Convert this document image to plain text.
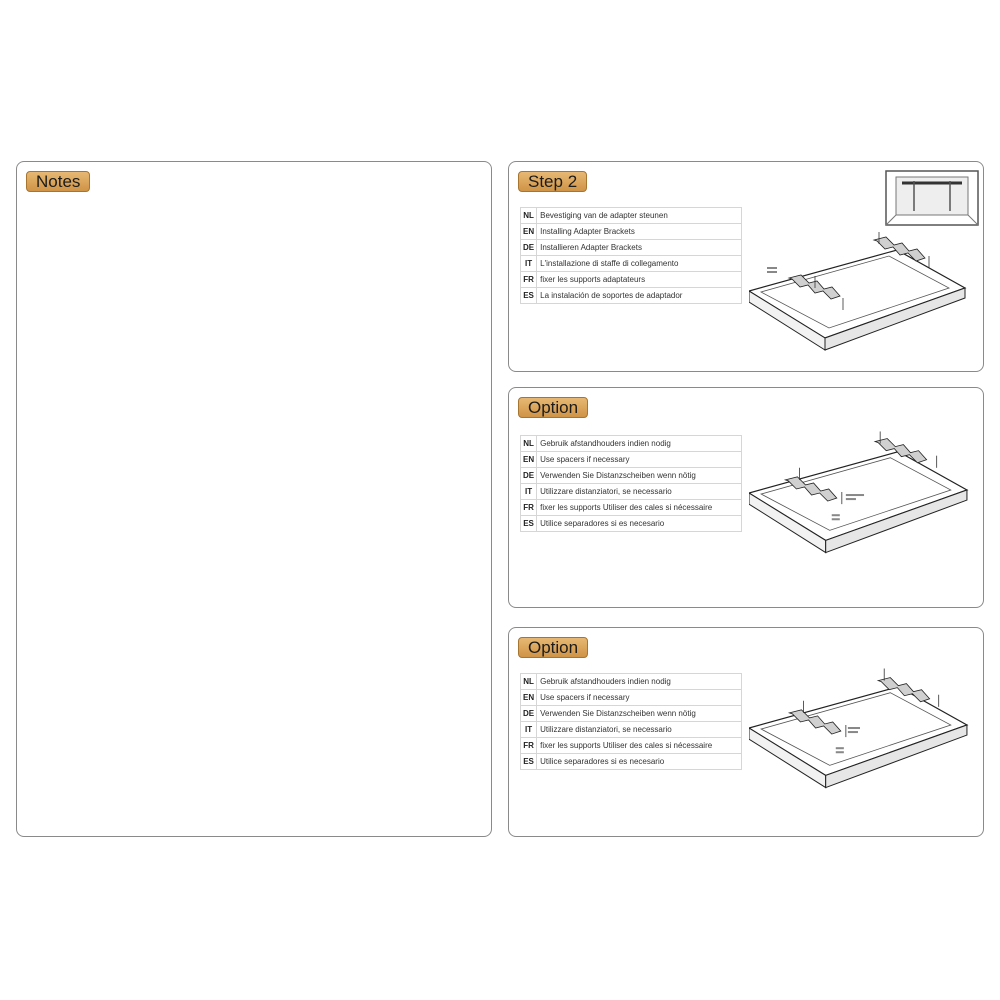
Notes	Step 2
NL	Bevestiging van de adapter steunen
EN	Installing Adapter Brackets
DE	Installieren Adapter Brackets
IT	L'installazione di staffe di collegamento
FR	fixer les supports adaptateurs
ES	La instalación de soportes de adaptador
Option
NL	Gebruik afstandhouders indien nodig
EN	Use spacers if necessary
DE	Verwenden Sie Distanzscheiben wenn nötig
IT	Utilizzare distanziatori, se necessario
FR	fixer les supports Utiliser des cales si nécessaire
ES	Utilice separadores si es necesario
Option
NL	Gebruik afstandhouders indien nodig
EN	Use spacers if necessary
DE	Verwenden Sie Distanzscheiben wenn nötig
IT	Utilizzare distanziatori, se necessario
FR	fixer les supports Utiliser des cales si nécessaire
ES	Utilice separadores si es necesario
